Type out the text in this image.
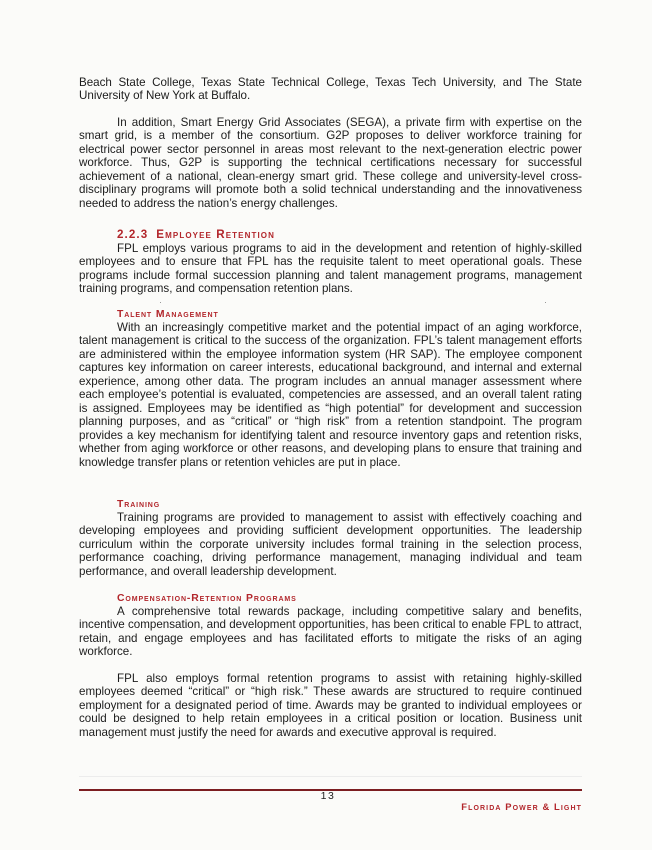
Beach State College, Texas State Technical College, Texas Tech University, and The State University of New York at Buffalo.

In addition, Smart Energy Grid Associates (SEGA), a private firm with expertise on the smart grid, is a member of the consortium. G2P proposes to deliver workforce training for electrical power sector personnel in areas most relevant to the next-generation electric power workforce. Thus, G2P is supporting the technical certifications necessary for successful achievement of a national, clean-energy smart grid. These college and university-level cross-disciplinary programs will promote both a solid technical understanding and the innovativeness needed to address the nation’s energy challenges.

2.2.3 Employee Retention

FPL employs various programs to aid in the development and retention of highly-skilled employees and to ensure that FPL has the requisite talent to meet operational goals. These programs include formal succession planning and talent management programs, management training programs, and compensation retention plans.

Talent Management

With an increasingly competitive market and the potential impact of an aging workforce, talent management is critical to the success of the organization. FPL’s talent management efforts are administered within the employee information system (HR SAP). The employee component captures key information on career interests, educational background, and internal and external experience, among other data. The program includes an annual manager assessment where each employee’s potential is evaluated, competencies are assessed, and an overall talent rating is assigned. Employees may be identified as “high potential” for development and succession planning purposes, and as “critical” or “high risk” from a retention standpoint. The program provides a key mechanism for identifying talent and resource inventory gaps and retention risks, whether from aging workforce or other reasons, and developing plans to ensure that training and knowledge transfer plans or retention vehicles are put in place.

Training

Training programs are provided to management to assist with effectively coaching and developing employees and providing sufficient development opportunities. The leadership curriculum within the corporate university includes formal training in the selection process, performance coaching, driving performance management, managing individual and team performance, and overall leadership development.

Compensation-Retention Programs

A comprehensive total rewards package, including competitive salary and benefits, incentive compensation, and development opportunities, has been critical to enable FPL to attract, retain, and engage employees and has facilitated efforts to mitigate the risks of an aging workforce.

FPL also employs formal retention programs to assist with retaining highly-skilled employees deemed “critical” or “high risk.” These awards are structured to require continued employment for a designated period of time. Awards may be granted to individual employees or could be designed to help retain employees in a critical position or location. Business unit management must justify the need for awards and executive approval is required.

13
Florida Power & Light
